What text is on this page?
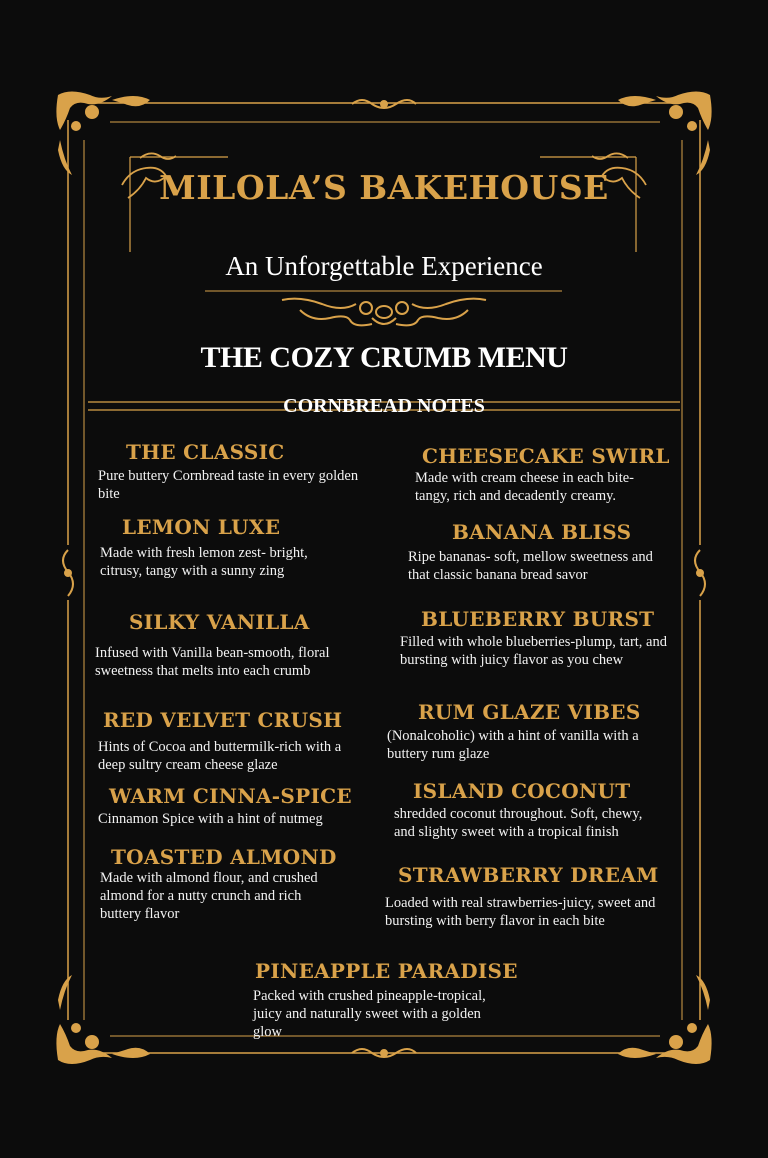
MILOLA’S BAKEHOUSE
An Unforgettable Experience
THE COZY CRUMB MENU
CORNBREAD NOTES
THE CLASSIC
Pure buttery Cornbread taste in every golden bite
LEMON LUXE
Made with fresh lemon zest- bright, citrusy, tangy with a sunny zing
SILKY VANILLA
Infused with Vanilla bean-smooth, floral sweetness that melts into each crumb
RED VELVET CRUSH
Hints of Cocoa and buttermilk-rich with a deep sultry cream cheese glaze
WARM CINNA-SPICE
Cinnamon Spice with a hint of nutmeg
TOASTED ALMOND
Made with almond flour, and crushed almond for a nutty crunch and rich buttery flavor
CHEESECAKE SWIRL
Made with cream cheese in each bite- tangy, rich and decadently creamy.
BANANA BLISS
Ripe bananas- soft, mellow sweetness and that classic banana bread savor
BLUEBERRY BURST
Filled with whole blueberries-plump, tart, and bursting with juicy flavor as you chew
RUM GLAZE VIBES
(Nonalcoholic) with a hint of vanilla with a buttery rum glaze
ISLAND COCONUT
shredded coconut throughout. Soft, chewy, and slighty sweet with a tropical finish
STRAWBERRY DREAM
Loaded with real strawberries-juicy, sweet and bursting with berry flavor in each bite
PINEAPPLE PARADISE
Packed with crushed pineapple-tropical, juicy and naturally sweet with a golden glow
